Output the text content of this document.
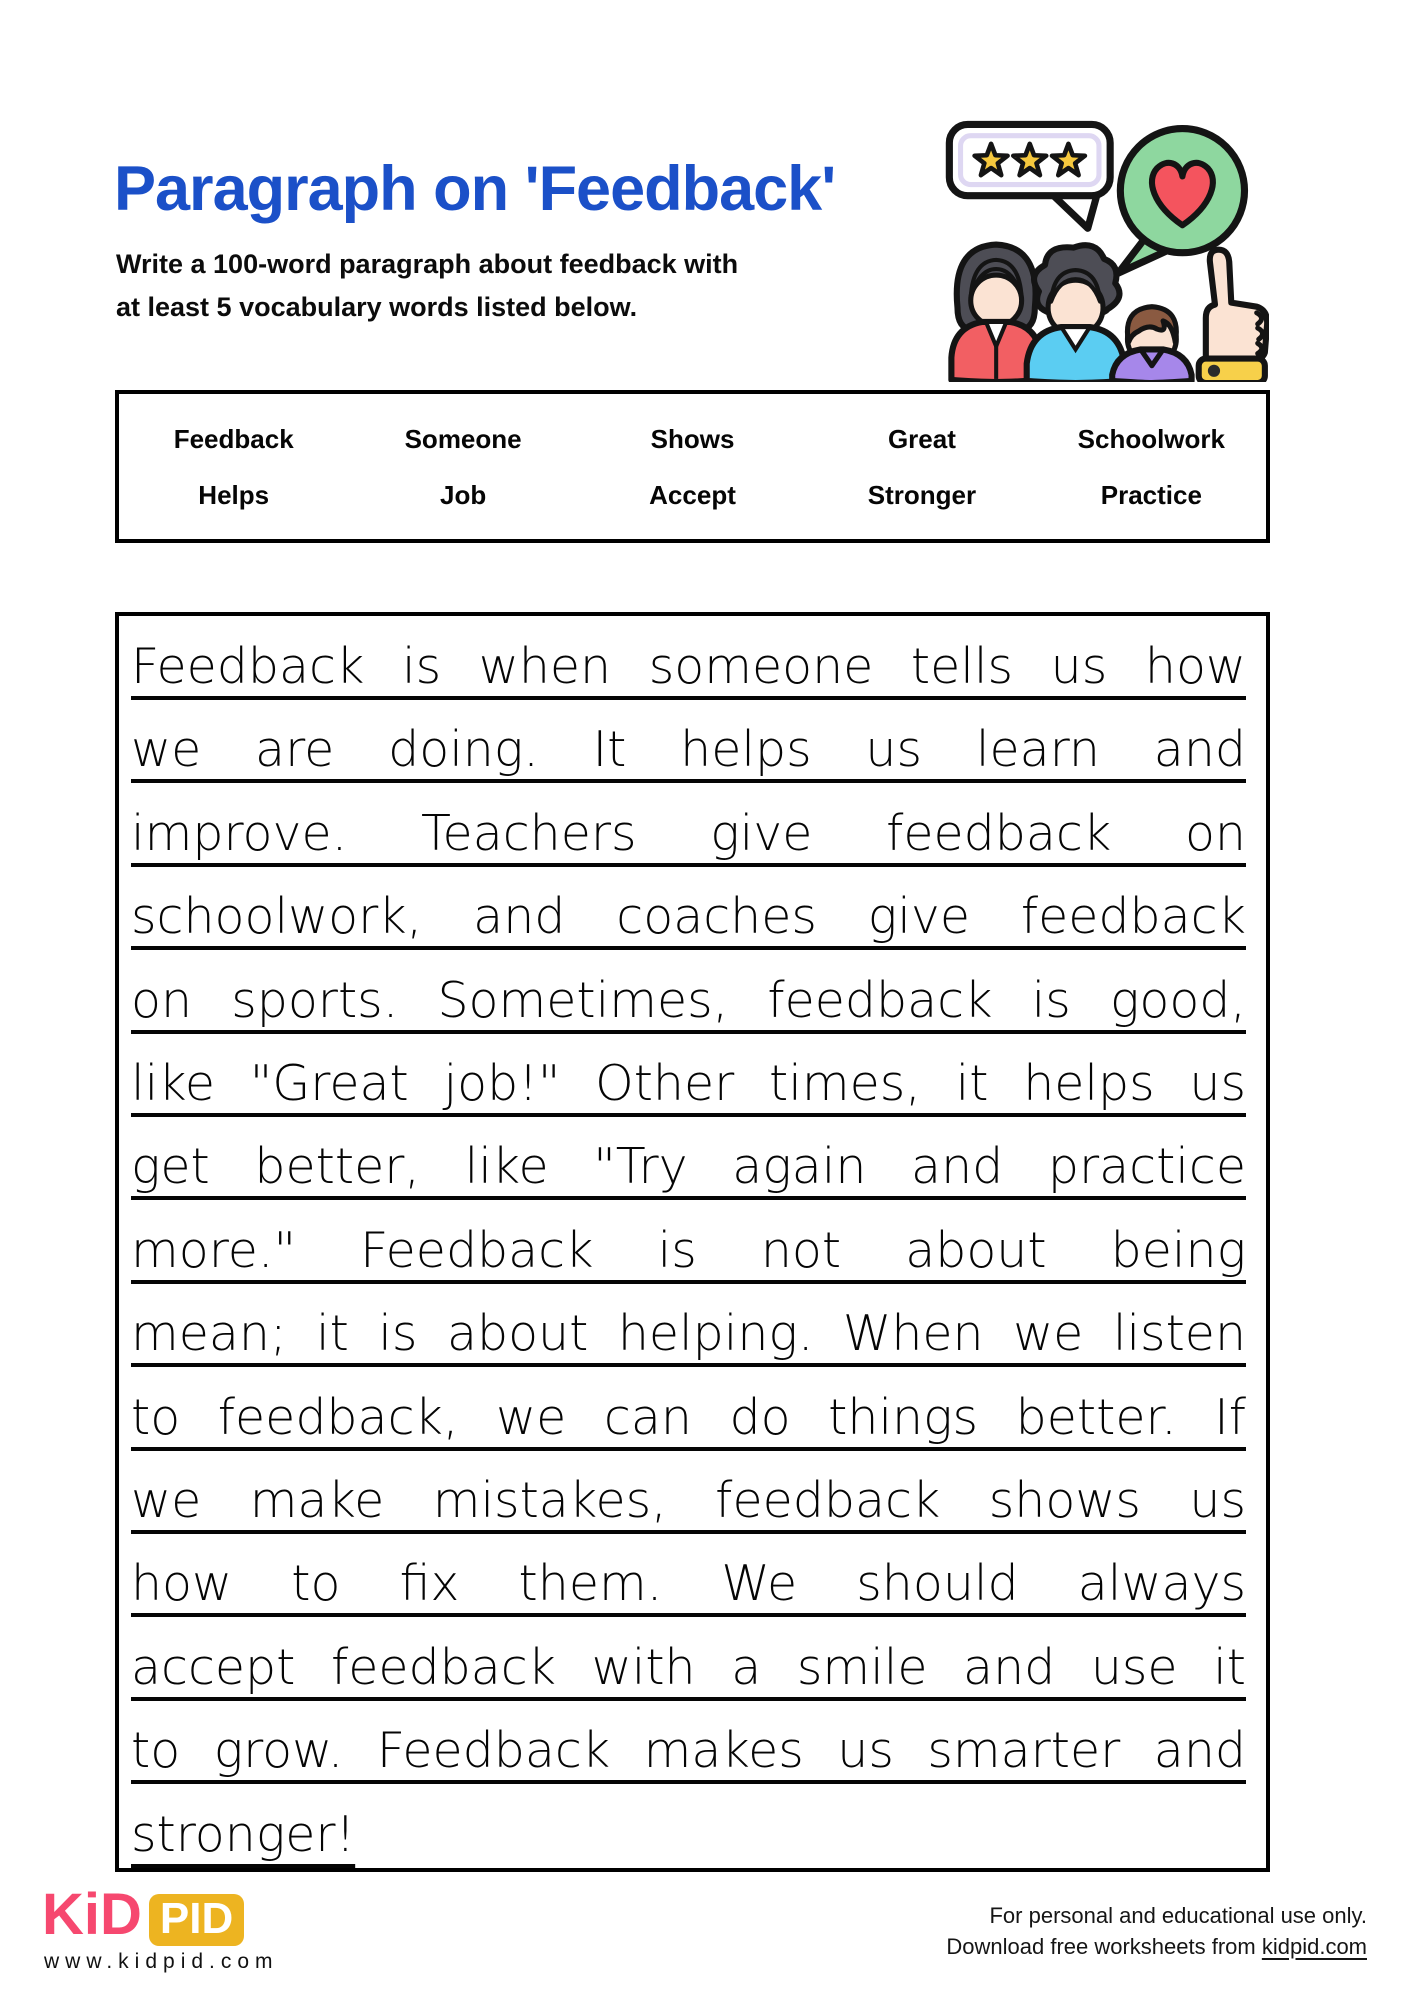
Paragraph on 'Feedback'
Write a 100-word paragraph about feedback with
at least 5 vocabulary words listed below.
Feedback	Someone	Shows	Great	Schoolwork
Helps	Job	Accept	Stronger	Practice
Feedback is when someone tells us how
we are doing. It helps us learn and
improve. Teachers give feedback on
schoolwork, and coaches give feedback
on sports. Sometimes, feedback is good,
like "Great job!" Other times, it helps us
get better, like "Try again and practice
more." Feedback is not about being
mean; it is about helping. When we listen
to feedback, we can do things better. If
we make mistakes, feedback shows us
how to fix them. We should always
accept feedback with a smile and use it
to grow. Feedback makes us smarter and
stronger!
KiD PID
www.kidpid.com
For personal and educational use only.
Download free worksheets from kidpid.com
